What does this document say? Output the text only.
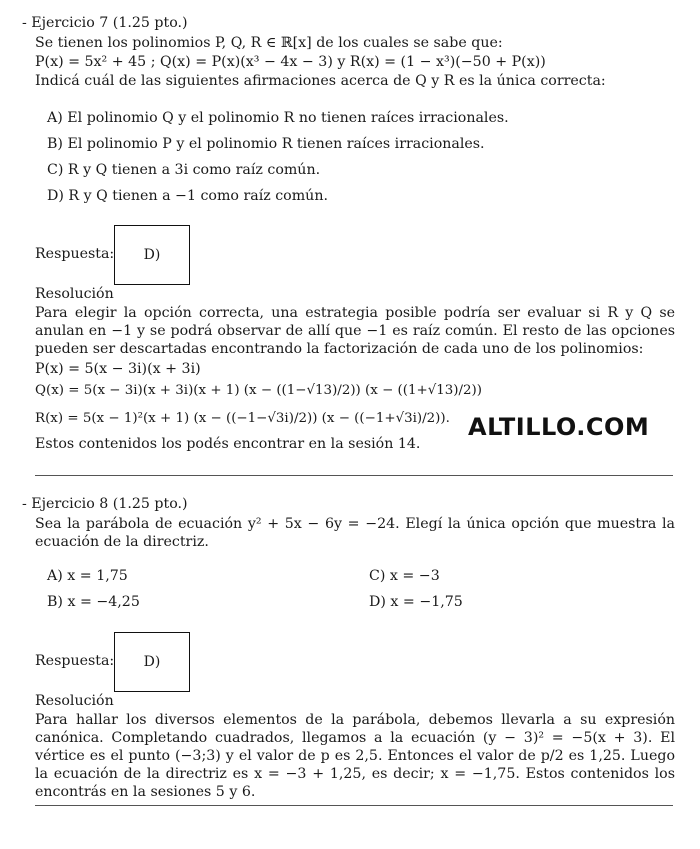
- Ejercicio 7 (1.25 pto.)
Se tienen los polinomios P, Q, R ∈ ℝ[x] de los cuales se sabe que:
P(x) = 5x² + 45 ; Q(x) = P(x)(x³ − 4x − 3) y R(x) = (1 − x³)(−50 + P(x))
Indicá cuál de las siguientes afirmaciones acerca de Q y R es la única correcta:
A) El polinomio Q y el polinomio R no tienen raíces irracionales.
B) El polinomio P y el polinomio R tienen raíces irracionales.
C) R y Q tienen a 3i como raíz común.
D) R y Q tienen a −1 como raíz común.
Respuesta: D)
Resolución
Para elegir la opción correcta, una estrategia posible podría ser evaluar si R y Q se anulan en −1 y se podrá observar de allí que −1 es raíz común. El resto de las opciones pueden ser descartadas encontrando la factorización de cada uno de los polinomios:
P(x) = 5(x − 3i)(x + 3i)
Q(x) = 5(x − 3i)(x + 3i)(x + 1) (x − ((1−√13)/2)) (x − ((1+√13)/2))
R(x) = 5(x − 1)²(x + 1) (x − ((−1−√3i)/2)) (x − ((−1+√3i)/2)).
Estos contenidos los podés encontrar en la sesión 14.
ALTILLO.COM
- Ejercicio 8 (1.25 pto.)
Sea la parábola de ecuación y² + 5x − 6y = −24. Elegí la única opción que muestra la ecuación de la directriz.
A) x = 1,75	C) x = −3
B) x = −4,25	D) x = −1,75
Respuesta: D)
Resolución
Para hallar los diversos elementos de la parábola, debemos llevarla a su expresión canónica. Completando cuadrados, llegamos a la ecuación (y − 3)² = −5(x + 3). El vértice es el punto (−3;3) y el valor de p es 2,5. Entonces el valor de p/2 es 1,25. Luego la ecuación de la directriz es x = −3 + 1,25, es decir; x = −1,75. Estos contenidos los encontrás en la sesiones 5 y 6.
